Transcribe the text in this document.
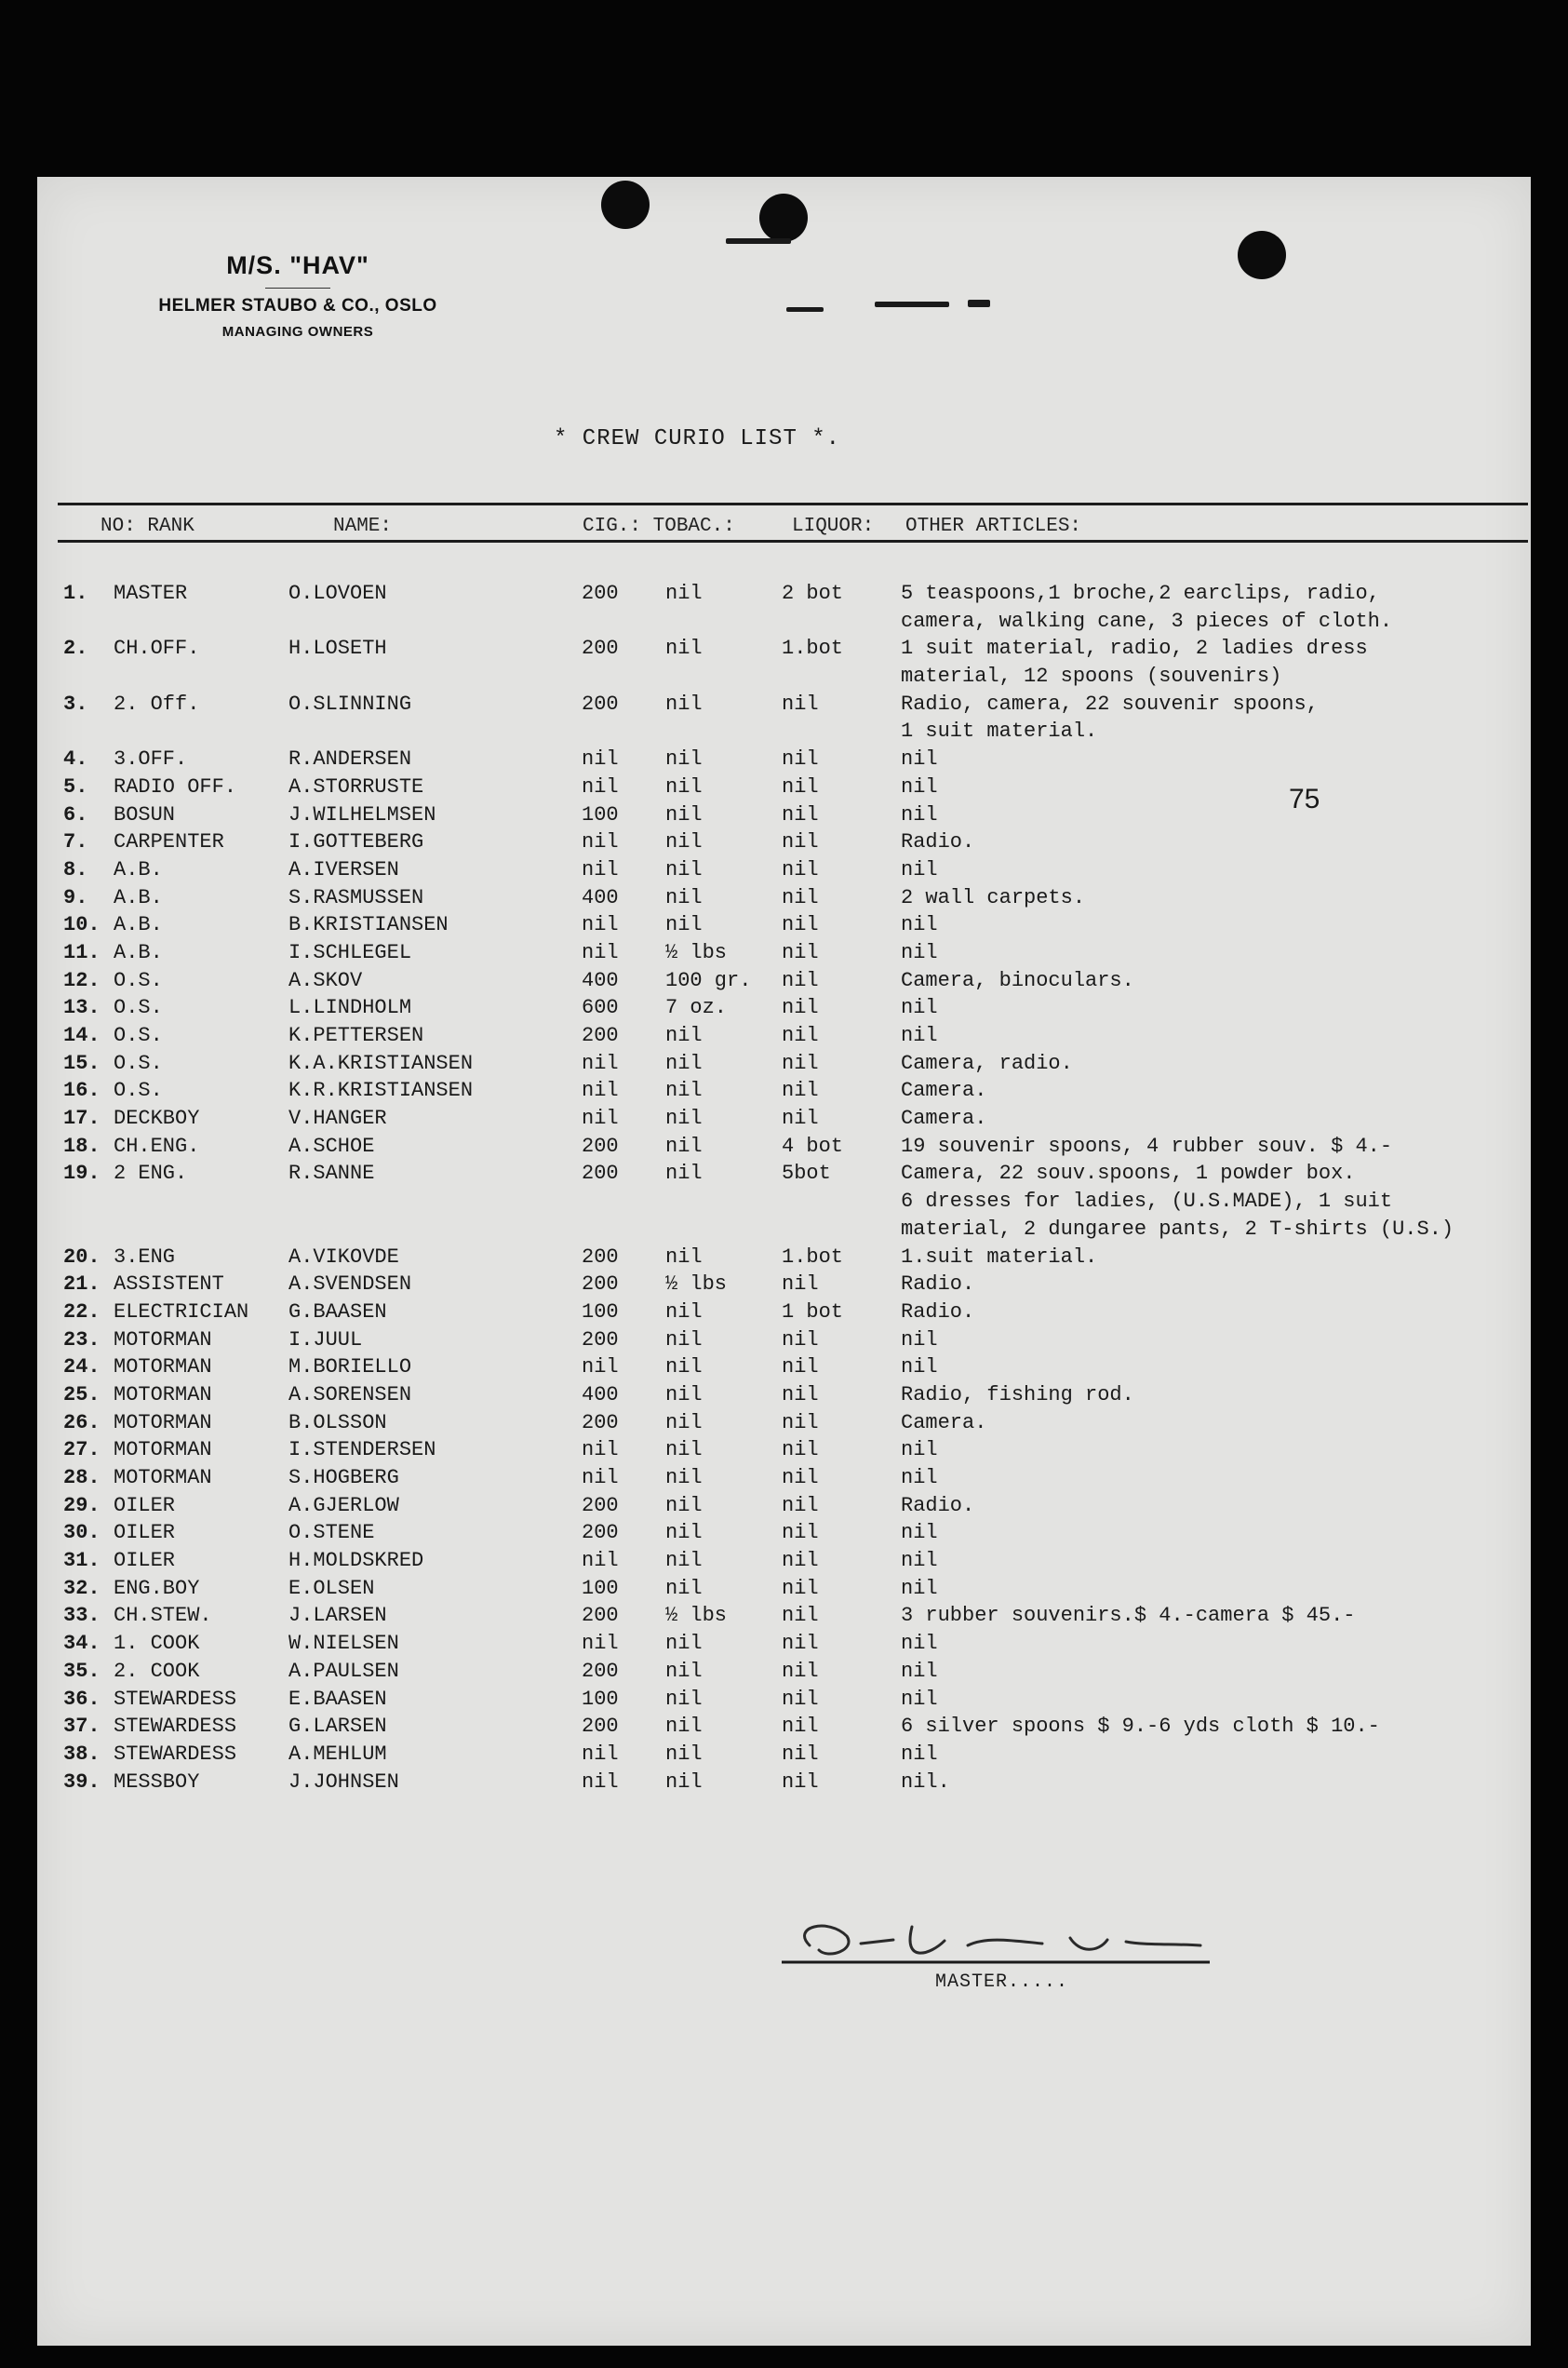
M/S. "HAV"
HELMER STAUBO & CO., OSLO
MANAGING OWNERS
* CREW CURIO LIST *.
NO: RANK	NAME:	CIG.: TOBAC.:	LIQUOR: OTHER ARTICLES:
1.	MASTER	O.LOVOEN	200 nil	2 bot	5 teaspoons,1 broche,2 earclips, radio,
camera, walking cane, 3 pieces of cloth.
2.	CH.OFF.	H.LOSETH	200 nil	1.bot	1 suit material, radio, 2 ladies dress
material, 12 spoons (souvenirs)
3.	2. Off.	O.SLINNING	200 nil	nil	Radio, camera, 22 souvenir spoons,
1 suit material.
4.	3.OFF.	R.ANDERSEN	nil nil	nil	nil
5.	RADIO OFF.	A.STORRUSTE	nil nil	nil	nil
6.	BOSUN	J.WILHELMSEN	100 nil	nil	nil
7.	CARPENTER	I.GOTTEBERG	nil nil	nil	Radio.
8.	A.B.	A.IVERSEN	nil nil	nil	nil
9.	A.B.	S.RASMUSSEN	400 nil	nil	2 wall carpets.
10. A.B.	B.KRISTIANSEN	nil nil	nil	nil
11. A.B.	I.SCHLEGEL	nil ½ lbs	nil	nil
12. O.S.	A.SKOV	400 100 gr. nil	Camera, binoculars.
13. O.S.	L.LINDHOLM	600 7 oz.	nil	nil
14. O.S.	K.PETTERSEN	200 nil	nil	nil
15. O.S.	K.A.KRISTIANSEN	nil nil	nil	Camera, radio.
16. O.S.	K.R.KRISTIANSEN	nil nil	nil	Camera.
17. DECKBOY	V.HANGER	nil nil	nil	Camera.
18. CH.ENG.	A.SCHOE	200 nil	4 bot	19 souvenir spoons, 4 rubber souv. $ 4.-
19. 2 ENG.	R.SANNE	200 nil	5bot	Camera, 22 souv.spoons, 1 powder box.
6 dresses for ladies, (U.S.MADE), 1 suit
material, 2 dungaree pants, 2 T-shirts (U.S.)
20. 3.ENG	A.VIKOVDE	200 nil	1.bot	1.suit material.
21. ASSISTENT	A.SVENDSEN	200 ½ lbs	nil	Radio.
22. ELECTRICIAN G.BAASEN	100 nil	1 bot	Radio.
23. MOTORMAN	I.JUUL	200 nil	nil	nil
24. MOTORMAN	M.BORIELLO	nil nil	nil	nil
25. MOTORMAN	A.SORENSEN	400 nil	nil	Radio, fishing rod.
26. MOTORMAN	B.OLSSON	200 nil	nil	Camera.
27. MOTORMAN	I.STENDERSEN	nil nil	nil	nil
28. MOTORMAN	S.HOGBERG	nil nil	nil	nil
29. OILER	A.GJERLOW	200 nil	nil	Radio.
30. OILER	O.STENE	200 nil	nil	nil
31. OILER	H.MOLDSKRED	nil nil	nil	nil
32. ENG.BOY	E.OLSEN	100 nil	nil	nil
33. CH.STEW.	J.LARSEN	200 ½ lbs	nil	3 rubber souvenirs.$ 4.-camera $ 45.-
34. 1. COOK	W.NIELSEN	nil nil	nil	nil
35. 2. COOK	A.PAULSEN	200 nil	nil	nil
36. STEWARDESS	E.BAASEN	100 nil	nil	nil
37. STEWARDESS	G.LARSEN	200 nil	nil	6 silver spoons $ 9.-6 yds cloth $ 10.-
38. STEWARDESS	A.MEHLUM	nil nil	nil	nil
39. MESSBOY	J.JOHNSEN	nil nil	nil	nil.
75
MASTER.....
